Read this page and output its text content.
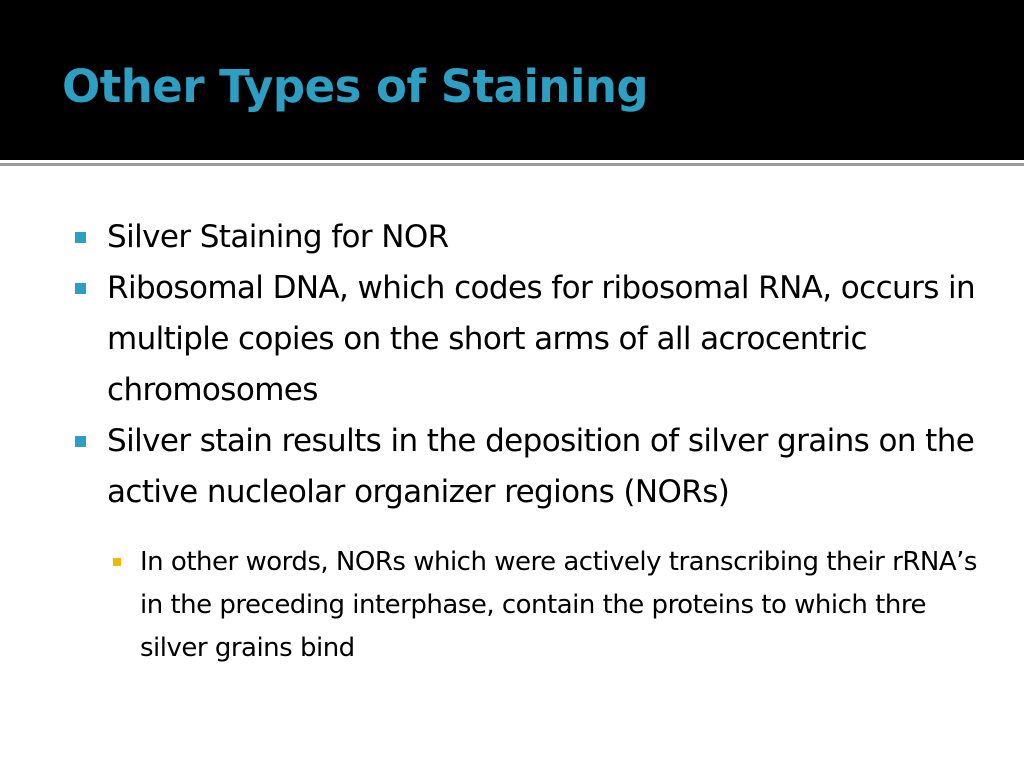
Other Types of Staining
Silver Staining for NOR
Ribosomal DNA, which codes for ribosomal RNA, occurs in multiple copies on the short arms of all acrocentric chromosomes
Silver stain results in the deposition of silver grains on the active nucleolar organizer regions (NORs)
In other words, NORs which were actively transcribing their rRNA’s in the preceding interphase, contain the proteins to which thre silver grains bind
